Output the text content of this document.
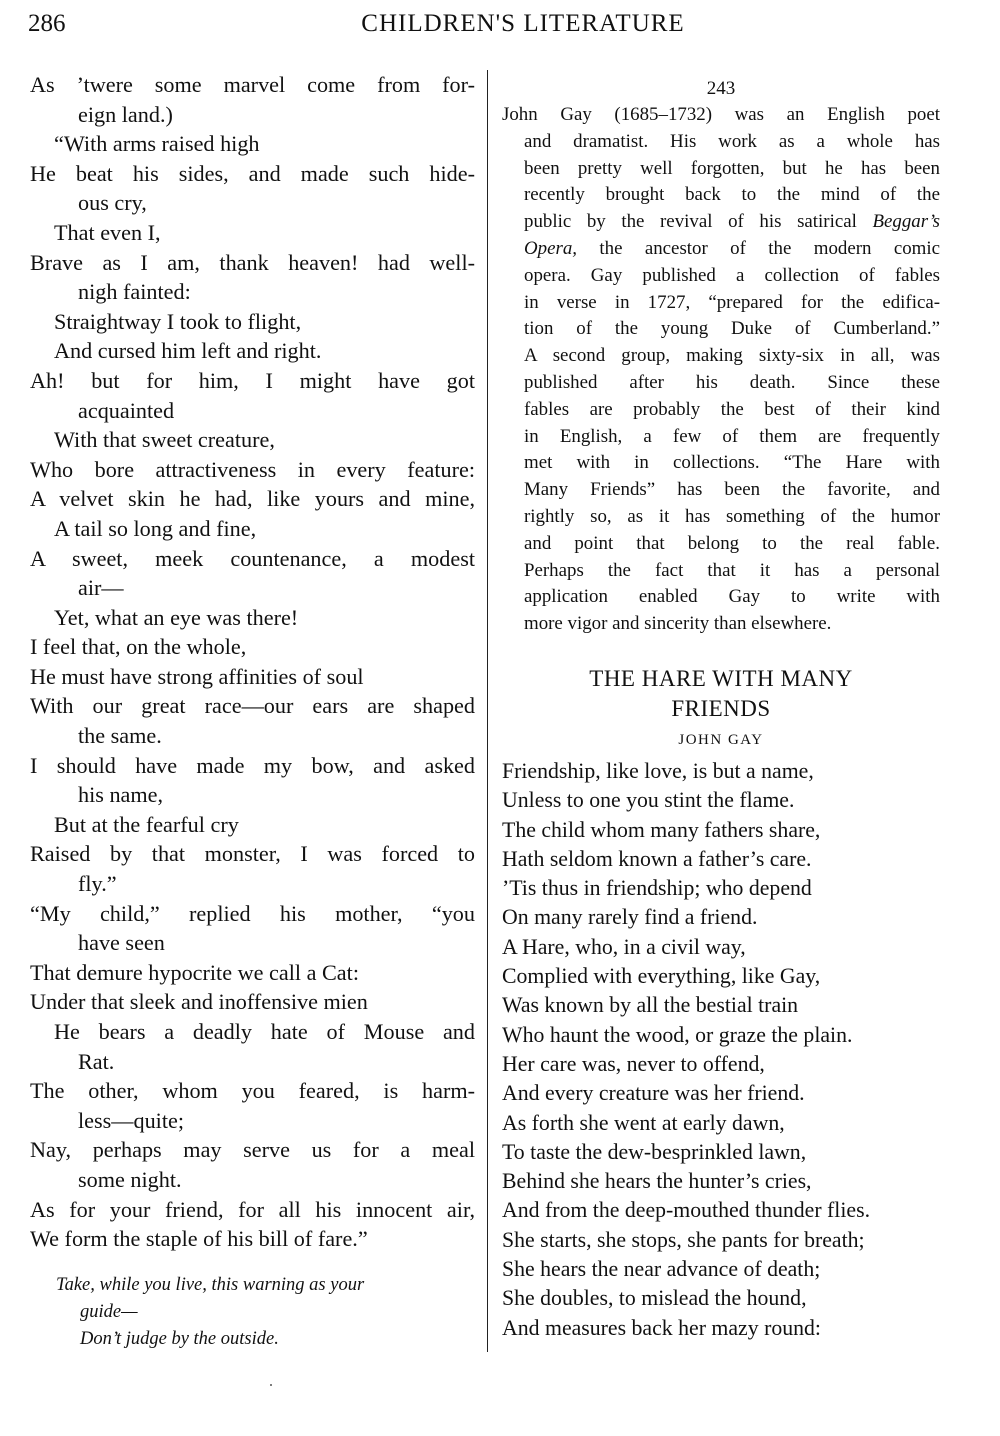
286	CHILDREN'S LITERATURE
As ’twere some marvel come from for-
eign land.)
“With arms raised high
He beat his sides, and made such hide-
ous cry,
That even I,
Brave as I am, thank heaven! had well-
nigh fainted:
Straightway I took to flight,
And cursed him left and right.
Ah! but for him, I might have got
acquainted
With that sweet creature,
Who bore attractiveness in every feature:
A velvet skin he had, like yours and mine,
A tail so long and fine,
A sweet, meek countenance, a modest
air—
Yet, what an eye was there!
I feel that, on the whole,
He must have strong affinities of soul
With our great race—our ears are shaped
the same.
I should have made my bow, and asked
his name,
But at the fearful cry
Raised by that monster, I was forced to
fly.”
“My child,” replied his mother, “you
have seen
That demure hypocrite we call a Cat:
Under that sleek and inoffensive mien
He bears a deadly hate of Mouse and
Rat.
The other, whom you feared, is harm-
less—quite;
Nay, perhaps may serve us for a meal
some night.
As for your friend, for all his innocent air,
We form the staple of his bill of fare.”
Take, while you live, this warning as your
guide—
Don’t judge by the outside.
243
John Gay (1685–1732) was an English poet
and dramatist. His work as a whole has
been pretty well forgotten, but he has been
recently brought back to the mind of the
public by the revival of his satirical Beggar’s
Opera, the ancestor of the modern comic
opera. Gay published a collection of fables
in verse in 1727, “prepared for the edifica-
tion of the young Duke of Cumberland.”
A second group, making sixty-six in all, was
published after his death. Since these
fables are probably the best of their kind
in English, a few of them are frequently
met with in collections. “The Hare with
Many Friends” has been the favorite, and
rightly so, as it has something of the humor
and point that belong to the real fable.
Perhaps the fact that it has a personal
application enabled Gay to write with
more vigor and sincerity than elsewhere.
THE HARE WITH MANY
FRIENDS
JOHN GAY
Friendship, like love, is but a name,
Unless to one you stint the flame.
The child whom many fathers share,
Hath seldom known a father’s care.
’Tis thus in friendship; who depend
On many rarely find a friend.
A Hare, who, in a civil way,
Complied with everything, like Gay,
Was known by all the bestial train
Who haunt the wood, or graze the plain.
Her care was, never to offend,
And every creature was her friend.
As forth she went at early dawn,
To taste the dew-besprinkled lawn,
Behind she hears the hunter’s cries,
And from the deep-mouthed thunder flies.
She starts, she stops, she pants for breath;
She hears the near advance of death;
She doubles, to mislead the hound,
And measures back her mazy round:
